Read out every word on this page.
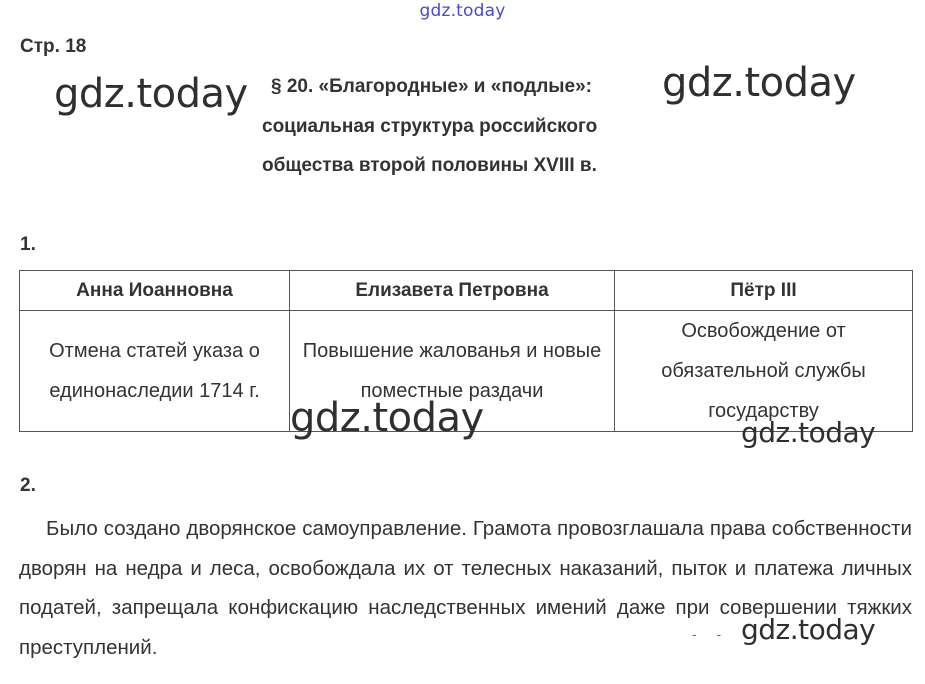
gdz.today
Стр. 18
§ 20. «Благородные» и «подлые»:
социальная структура российского
общества второй половины XVIII в.
gdz.today	gdz.today
1.
Анна Иоанновна	Елизавета Петровна	Пётр III
Отмена статей указа о единонаследии 1714 г.	Повышение жалованья и новые поместные раздачи	Освобождение от обязательной службы государству
gdz.today	gdz.today
2.
Было создано дворянское самоуправление. Грамота провозглашала права собственности дворян на недра и леса, освобождала их от телесных наказаний, пыток и платежа личных податей, запрещала конфискацию наследственных имений даже при совершении тяжких преступлений.
- - gdz.today
